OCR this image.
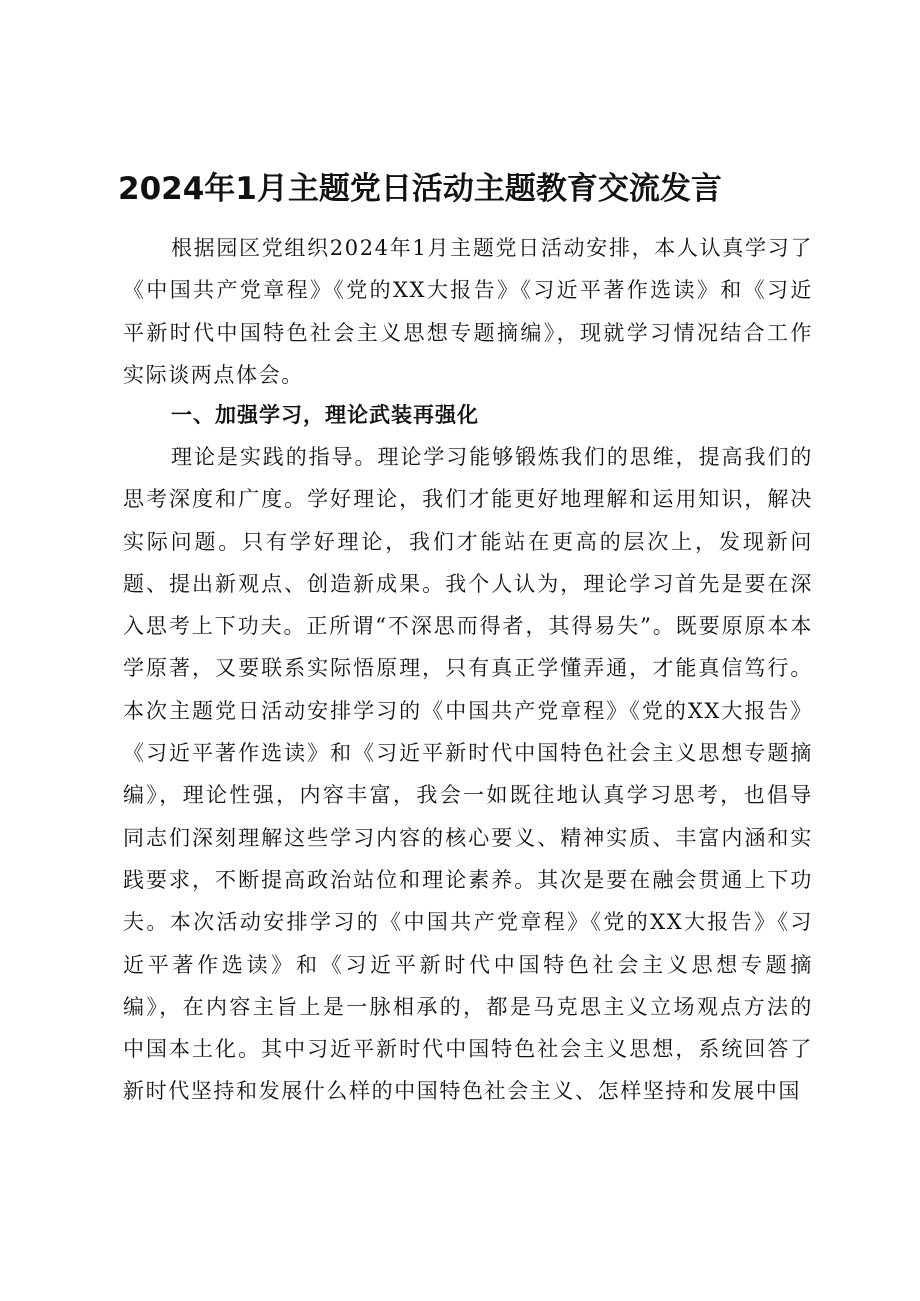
2024年1月主题党日活动主题教育交流发言

根据园区党组织2024年1月主题党日活动安排，本人认真学习了《中国共产党章程》《党的XX大报告》《习近平著作选读》和《习近平新时代中国特色社会主义思想专题摘编》，现就学习情况结合工作实际谈两点体会。

一、加强学习，理论武装再强化

理论是实践的指导。理论学习能够锻炼我们的思维，提高我们的思考深度和广度。学好理论，我们才能更好地理解和运用知识，解决实际问题。只有学好理论，我们才能站在更高的层次上，发现新问题、提出新观点、创造新成果。我个人认为，理论学习首先是要在深入思考上下功夫。正所谓“不深思而得者，其得易失”。既要原原本本学原著，又要联系实际悟原理，只有真正学懂弄通，才能真信笃行。本次主题党日活动安排学习的《中国共产党章程》《党的XX大报告》《习近平著作选读》和《习近平新时代中国特色社会主义思想专题摘编》，理论性强，内容丰富，我会一如既往地认真学习思考，也倡导同志们深刻理解这些学习内容的核心要义、精神实质、丰富内涵和实践要求，不断提高政治站位和理论素养。其次是要在融会贯通上下功夫。本次活动安排学习的《中国共产党章程》《党的XX大报告》《习近平著作选读》和《习近平新时代中国特色社会主义思想专题摘编》，在内容主旨上是一脉相承的，都是马克思主义立场观点方法的中国本土化。其中习近平新时代中国特色社会主义思想，系统回答了新时代坚持和发展什么样的中国特色社会主义、怎样坚持和发展中国
